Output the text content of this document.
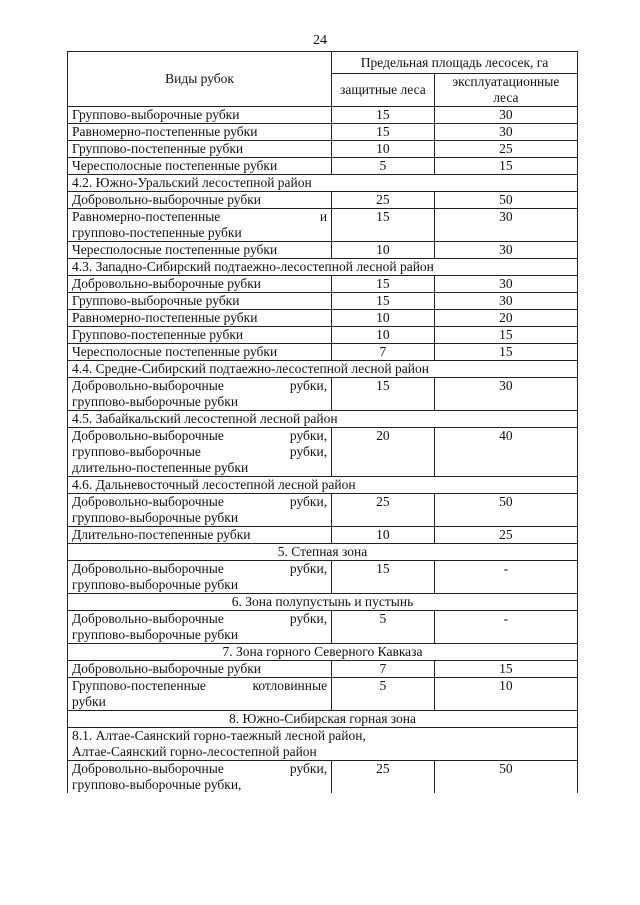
24
Виды рубок	Предельная площадь лесосек, га	
	защитные леса	эксплуатационные
леса
Группово-выборочные рубки	15	30
Равномерно-постепенные рубки	15	30
Группово-постепенные рубки	10	25
Чересполосные постепенные рубки	5	15
4.2. Южно-Уральский лесостепной район		
Добровольно-выборочные рубки	25	50

Равномерно-постепенные и
группово-постепенные рубки	15	30
Чересполосные постепенные рубки	10	30
4.3. Западно-Сибирский подтаежно-лесостепной лесной район		
Добровольно-выборочные рубки	15	30
Группово-выборочные рубки	15	30
Равномерно-постепенные рубки	10	20
Группово-постепенные рубки	10	15
Чересполосные постепенные рубки	7	15
4.4. Средне-Сибирский подтаежно-лесостепной лесной район		

Добровольно-выборочные рубки,
группово-выборочные рубки	15	30
4.5. Забайкальский лесостепной лесной район		

Добровольно-выборочные рубки,
группово-выборочные рубки,
длительно-постепенные рубки	20	40
4.6. Дальневосточный лесостепной лесной район		

Добровольно-выборочные рубки,
группово-выборочные рубки	25	50
Длительно-постепенные рубки	10	25
5. Степная зона		

Добровольно-выборочные рубки,
группово-выборочные рубки	15	-
6. Зона полупустынь и пустынь		

Добровольно-выборочные рубки,
группово-выборочные рубки	5	-
7. Зона горного Северного Кавказа		
Добровольно-выборочные рубки	7	15

Группово-постепенные котловинные
рубки	5	10
8. Южно-Сибирская горная зона		

8.1. Алтае-Саянский горно-таежный лесной район,
Алтае-Саянский горно-лесостепной район		

Добровольно-выборочные рубки,
группово-выборочные рубки,	25	50
